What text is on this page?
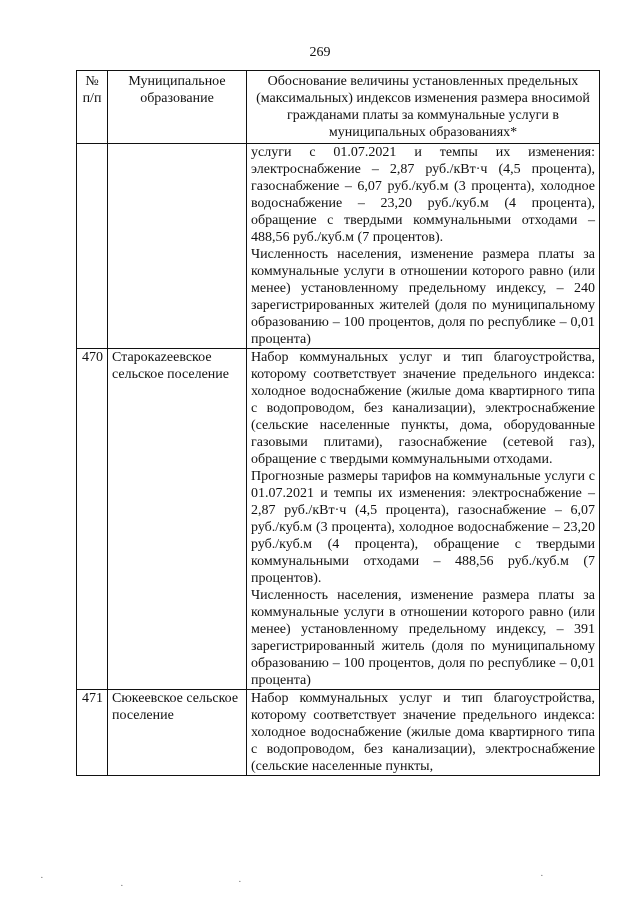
269
№ п/п	Муниципальное образование	Обоснование величины установленных предельных (максимальных) индексов изменения размера вносимой гражданами платы за коммунальные услуги в муниципальных образованиях*

		услуги с 01.07.2021 и темпы их изменения: электроснабжение – 2,87 руб./кВт·ч (4,5 процента), газоснабжение – 6,07 руб./куб.м (3 процента), холодное водоснабжение – 23,20 руб./куб.м (4 процента), обращение с твердыми коммунальными отходами – 488,56 руб./куб.м (7 процентов).

Численность населения, изменение размера платы за коммунальные услуги в отношении которого равно (или менее) установленному предельному индексу, – 240 зарегистрированных жителей (доля по муниципальному образованию – 100 процентов, доля по республике – 0,01 процента)

470	Старокazeевское сельское поселение	Набор коммунальных услуг и тип благоустройства, которому соответствует значение предельного индекса: холодное водоснабжение (жилые дома квартирного типа с водопроводом, без канализации), электроснабжение (сельские населенные пункты, дома, оборудованные газовыми плитами), газоснабжение (сетевой газ), обращение с твердыми коммунальными отходами.

Прогнозные размеры тарифов на коммунальные услуги с 01.07.2021 и темпы их изменения: электроснабжение – 2,87 руб./кВт·ч (4,5 процента), газоснабжение – 6,07 руб./куб.м (3 процента), холодное водоснабжение – 23,20 руб./куб.м (4 процента), обращение с твердыми коммунальными отходами – 488,56 руб./куб.м (7 процентов).

Численность населения, изменение размера платы за коммунальные услуги в отношении которого равно (или менее) установленному предельному индексу, – 391 зарегистрированный житель (доля по муниципальному образованию – 100 процентов, доля по республике – 0,01 процента)

471	Сюкеевское сельское поселение	Набор коммунальных услуг и тип благоустройства, которому соответствует значение предельного индекса: холодное водоснабжение (жилые дома квартирного типа с водопроводом, без канализации), электроснабжение (сельские населенные пункты,

·
·	·	·
